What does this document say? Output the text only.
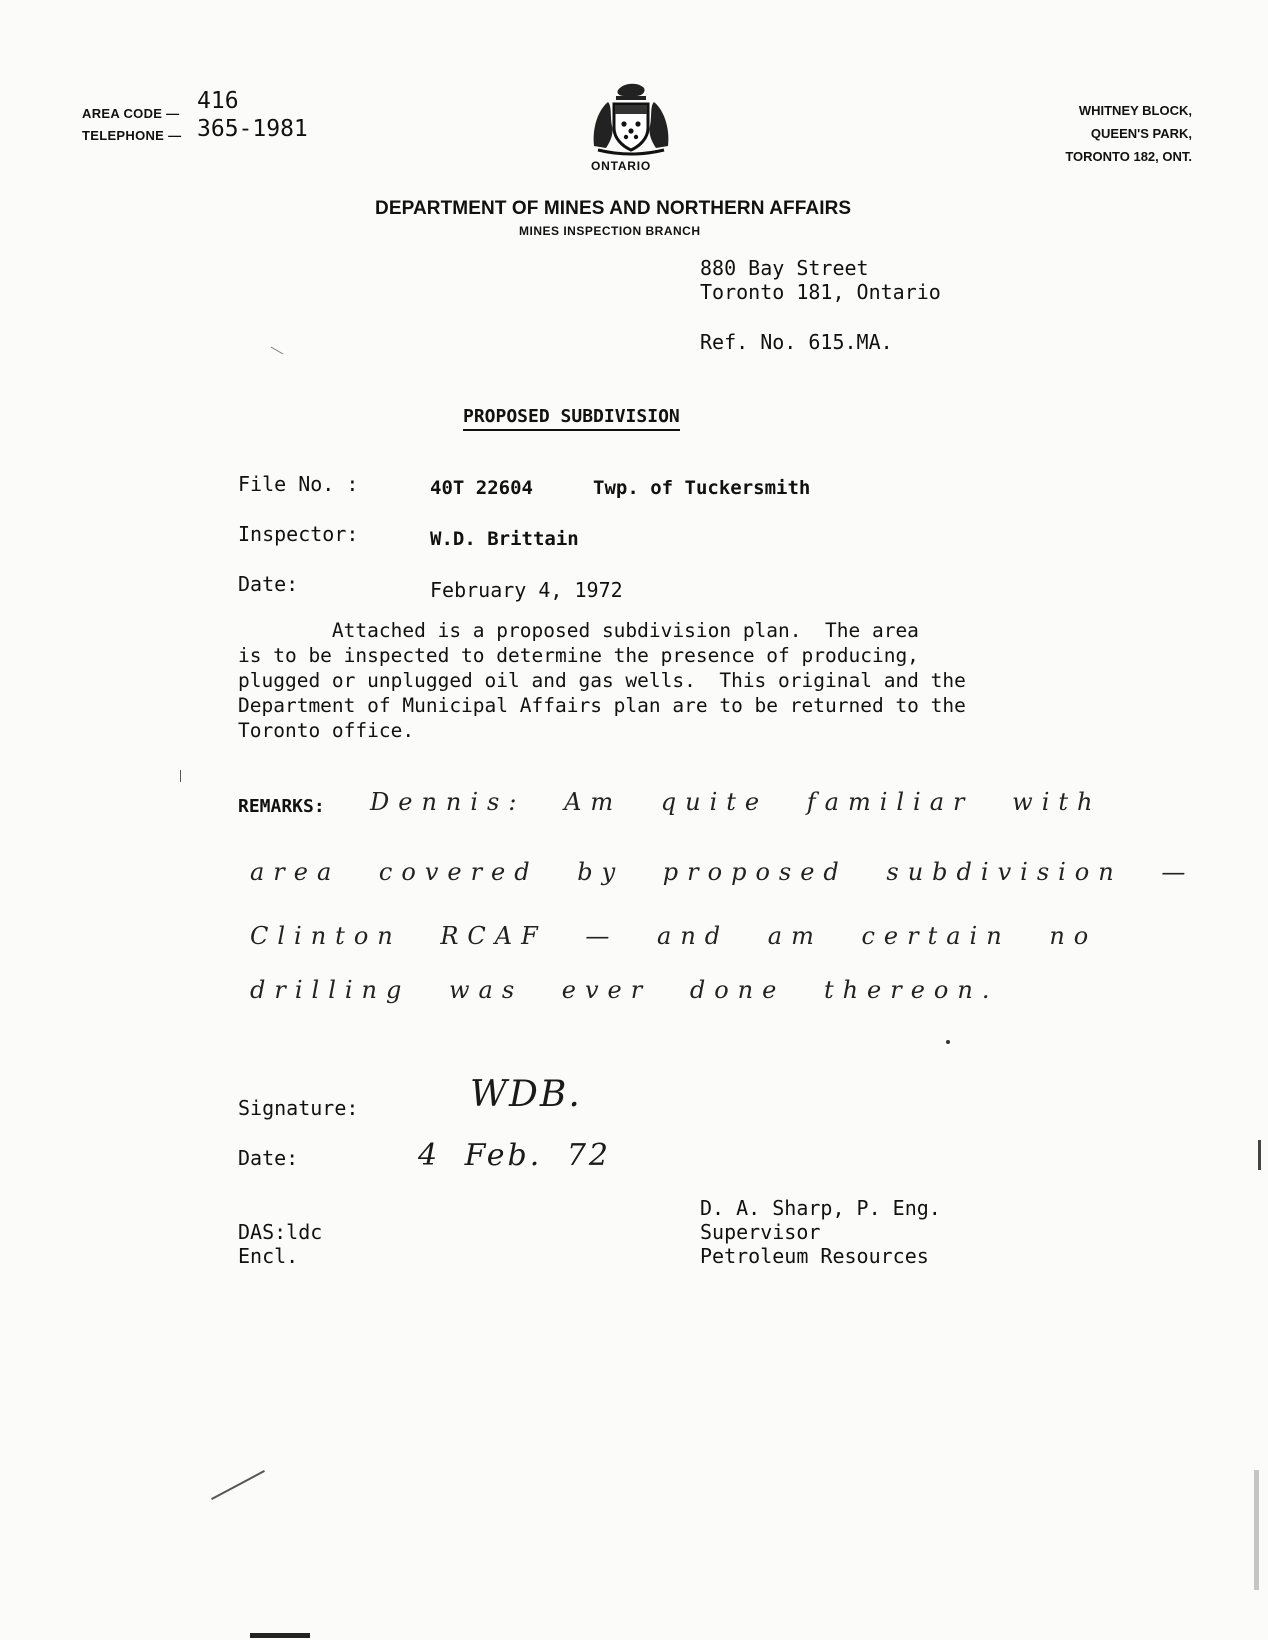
AREA CODE — 416
TELEPHONE — 365-1981
ONTARIO
WHITNEY BLOCK,
QUEEN'S PARK,
TORONTO 182, ONT.
DEPARTMENT OF MINES AND NORTHERN AFFAIRS
MINES INSPECTION BRANCH
880 Bay Street
Toronto 181, Ontario
Ref. No. 615.MA.
PROPOSED SUBDIVISION
File No. :	40T 22604	Twp. of Tuckersmith
Inspector:	W.D. Brittain
Date:	February 4, 1972
Attached is a proposed subdivision plan.  The area
is to be inspected to determine the presence of producing,
plugged or unplugged oil and gas wells.  This original and the
Department of Municipal Affairs plan are to be returned to the
Toronto office.
REMARKS: Dennis: Am quite familiar with
area covered by proposed subdivision —
Clinton RCAF — and am certain no
drilling was ever done thereon.
Signature:	WDB.
Date:	4 Feb. 72
DAS:ldc
Encl.
D. A. Sharp, P. Eng.
Supervisor
Petroleum Resources
